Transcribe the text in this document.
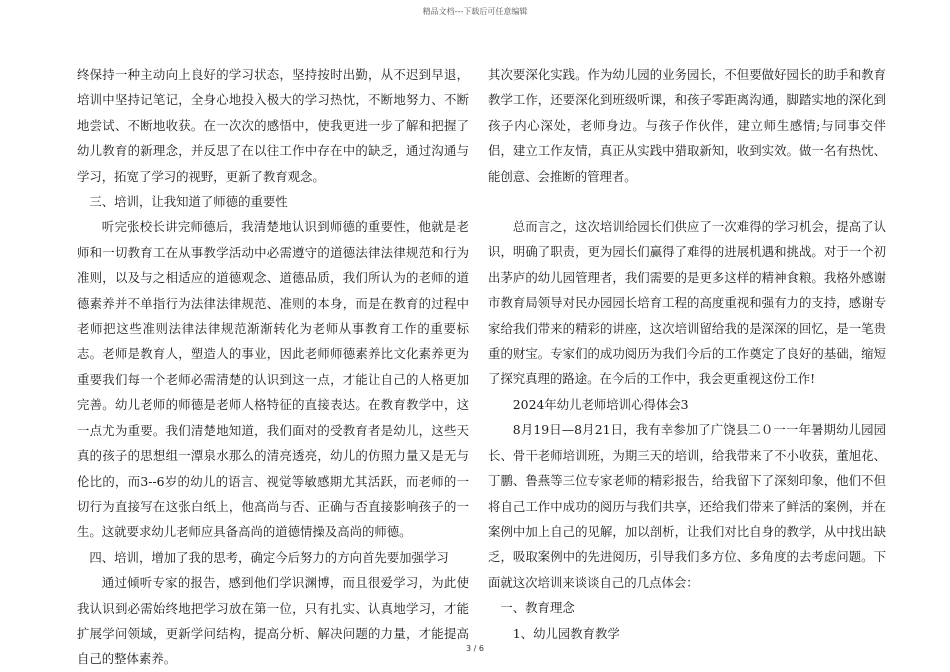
精品文档---下载后可任意编辑

终保持一种主动向上良好的学习状态，坚持按时出勤，从不迟到早退，培训中坚持记笔记，全身心地投入极大的学习热忱，不断地努力、不断地尝试、不断地收获。在一次次的感悟中，使我更进一步了解和把握了幼儿教育的新理念，并反思了在以往工作中存在中的缺乏，通过沟通与学习，拓宽了学习的视野，更新了教育观念。

三、培训，让我知道了师德的重要性

听完张校长讲完师德后，我清楚地认识到师德的重要性，他就是老师和一切教育工在从事教学活动中必需遵守的道德法律法律规范和行为准则，以及与之相适应的道德观念、道德品质，我们所认为的老师的道德素养并不单指行为法律法律规范、准则的本身，而是在教育的过程中老师把这些准则法律法律规范渐渐转化为老师从事教育工作的重要标志。老师是教育人，塑造人的事业，因此老师师德素养比文化素养更为重要我们每一个老师必需清楚的认识到这一点，才能让自己的人格更加完善。幼儿老师的师德是老师人格特征的直接表达。在教育教学中，这一点尤为重要。我们清楚地知道，我们面对的受教育者是幼儿，这些天真的孩子的思想组一潭泉水那么的清亮透亮，幼儿的仿照力量又是无与伦比的，而3--6岁的幼儿的语言、视觉等敏感期尤其活跃，而老师的一切行为直接写在这张白纸上，他高尚与否、正确与否直接影响孩子的一生。这就要求幼儿老师应具备高尚的道德情操及高尚的师德。

四、培训，增加了我的思考，确定今后努力的方向首先要加强学习

通过倾听专家的报告，感到他们学识渊博，而且很爱学习，为此使我认识到必需始终地把学习放在第一位，只有扎实、认真地学习，才能扩展学问领域，更新学问结构，提高分析、解决问题的力量，才能提高自己的整体素养。

其次要深化实践。作为幼儿园的业务园长，不但要做好园长的助手和教育教学工作，还要深化到班级听课，和孩子零距离沟通，脚踏实地的深化到孩子内心深处，老师身边。与孩子作伙伴，建立师生感情;与同事交伴侣，建立工作友情，真正从实践中猎取新知，收到实效。做一名有热忱、能创意、会推断的管理者。

总而言之，这次培训给园长们供应了一次难得的学习机会，提高了认识，明确了职责，更为园长们赢得了难得的进展机遇和挑战。对于一个初出茅庐的幼儿园管理者，我们需要的是更多这样的精神食粮。我格外感谢市教育局领导对民办园园长培育工程的高度重视和强有力的支持，感谢专家给我们带来的精彩的讲座，这次培训留给我的是深深的回忆，是一笔贵重的财宝。专家们的成功阅历为我们今后的工作奠定了良好的基础，缩短了探究真理的路途。在今后的工作中，我会更重视这份工作!

2024年幼儿老师培训心得体会3

8月19日—8月21日，我有幸参加了广饶县二０一一年暑期幼儿园园长、骨干老师培训班，为期三天的培训，给我带来了不小收获，董旭花、丁鹏、鲁燕等三位专家老师的精彩报告，给我留下了深刻印象，他们不但将自己工作中成功的阅历与我们共享，还给我们带来了鲜活的案例，并在案例中加上自己的见解，加以剖析，让我们对比自身的教学，从中找出缺乏，吸取案例中的先进阅历，引导我们多方位、多角度的去考虑问题。下面就这次培训来谈谈自己的几点体会：

一、教育理念

1、幼儿园教育教学

3 / 6
